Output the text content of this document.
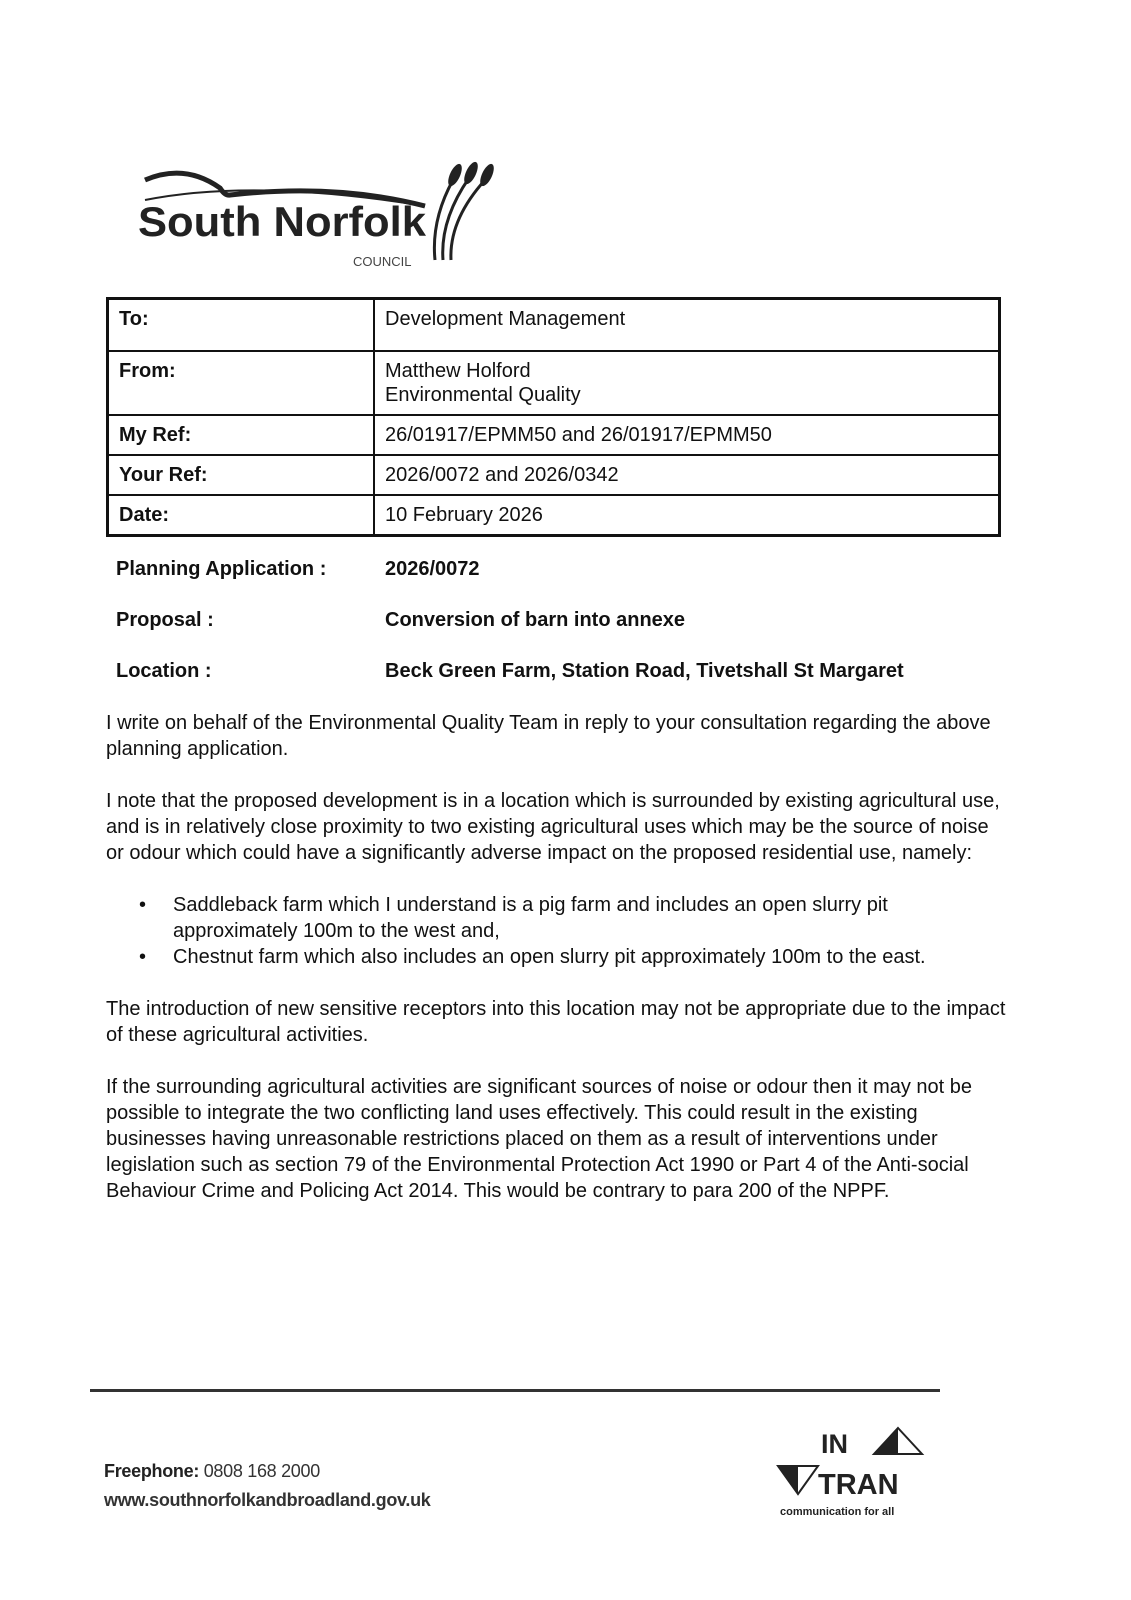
South Norfolk
COUNCIL
To:	Development Management
From:	Matthew Holford
Environmental Quality

My Ref:	26/01917/EPMM50 and 26/01917/EPMM50
Your Ref:	2026/0072 and 2026/0342
Date:	10 February 2026
Planning Application :	2026/0072
Proposal :	Conversion of barn into annexe
Location :	Beck Green Farm, Station Road, Tivetshall St Margaret

I write on behalf of the Environmental Quality Team in reply to your consultation regarding the above planning application.

I note that the proposed development is in a location which is surrounded by existing agricultural use, and is in relatively close proximity to two existing agricultural uses which may be the source of noise or odour which could have a significantly adverse impact on the proposed residential use, namely:

• Saddleback farm which I understand is a pig farm and includes an open slurry pit approximately 100m to the west and,
• Chestnut farm which also includes an open slurry pit approximately 100m to the east.

The introduction of new sensitive receptors into this location may not be appropriate due to the impact of these agricultural activities.

If the surrounding agricultural activities are significant sources of noise or odour then it may not be possible to integrate the two conflicting land uses effectively. This could result in the existing businesses having unreasonable restrictions placed on them as a result of interventions under legislation such as section 79 of the Environmental Protection Act 1990 or Part 4 of the Anti-social Behaviour Crime and Policing Act 2014. This would be contrary to para 200 of the NPPF.

Freephone: 0808 168 2000
www.southnorfolkandbroadland.gov.uk
IN
TRAN
communication for all
